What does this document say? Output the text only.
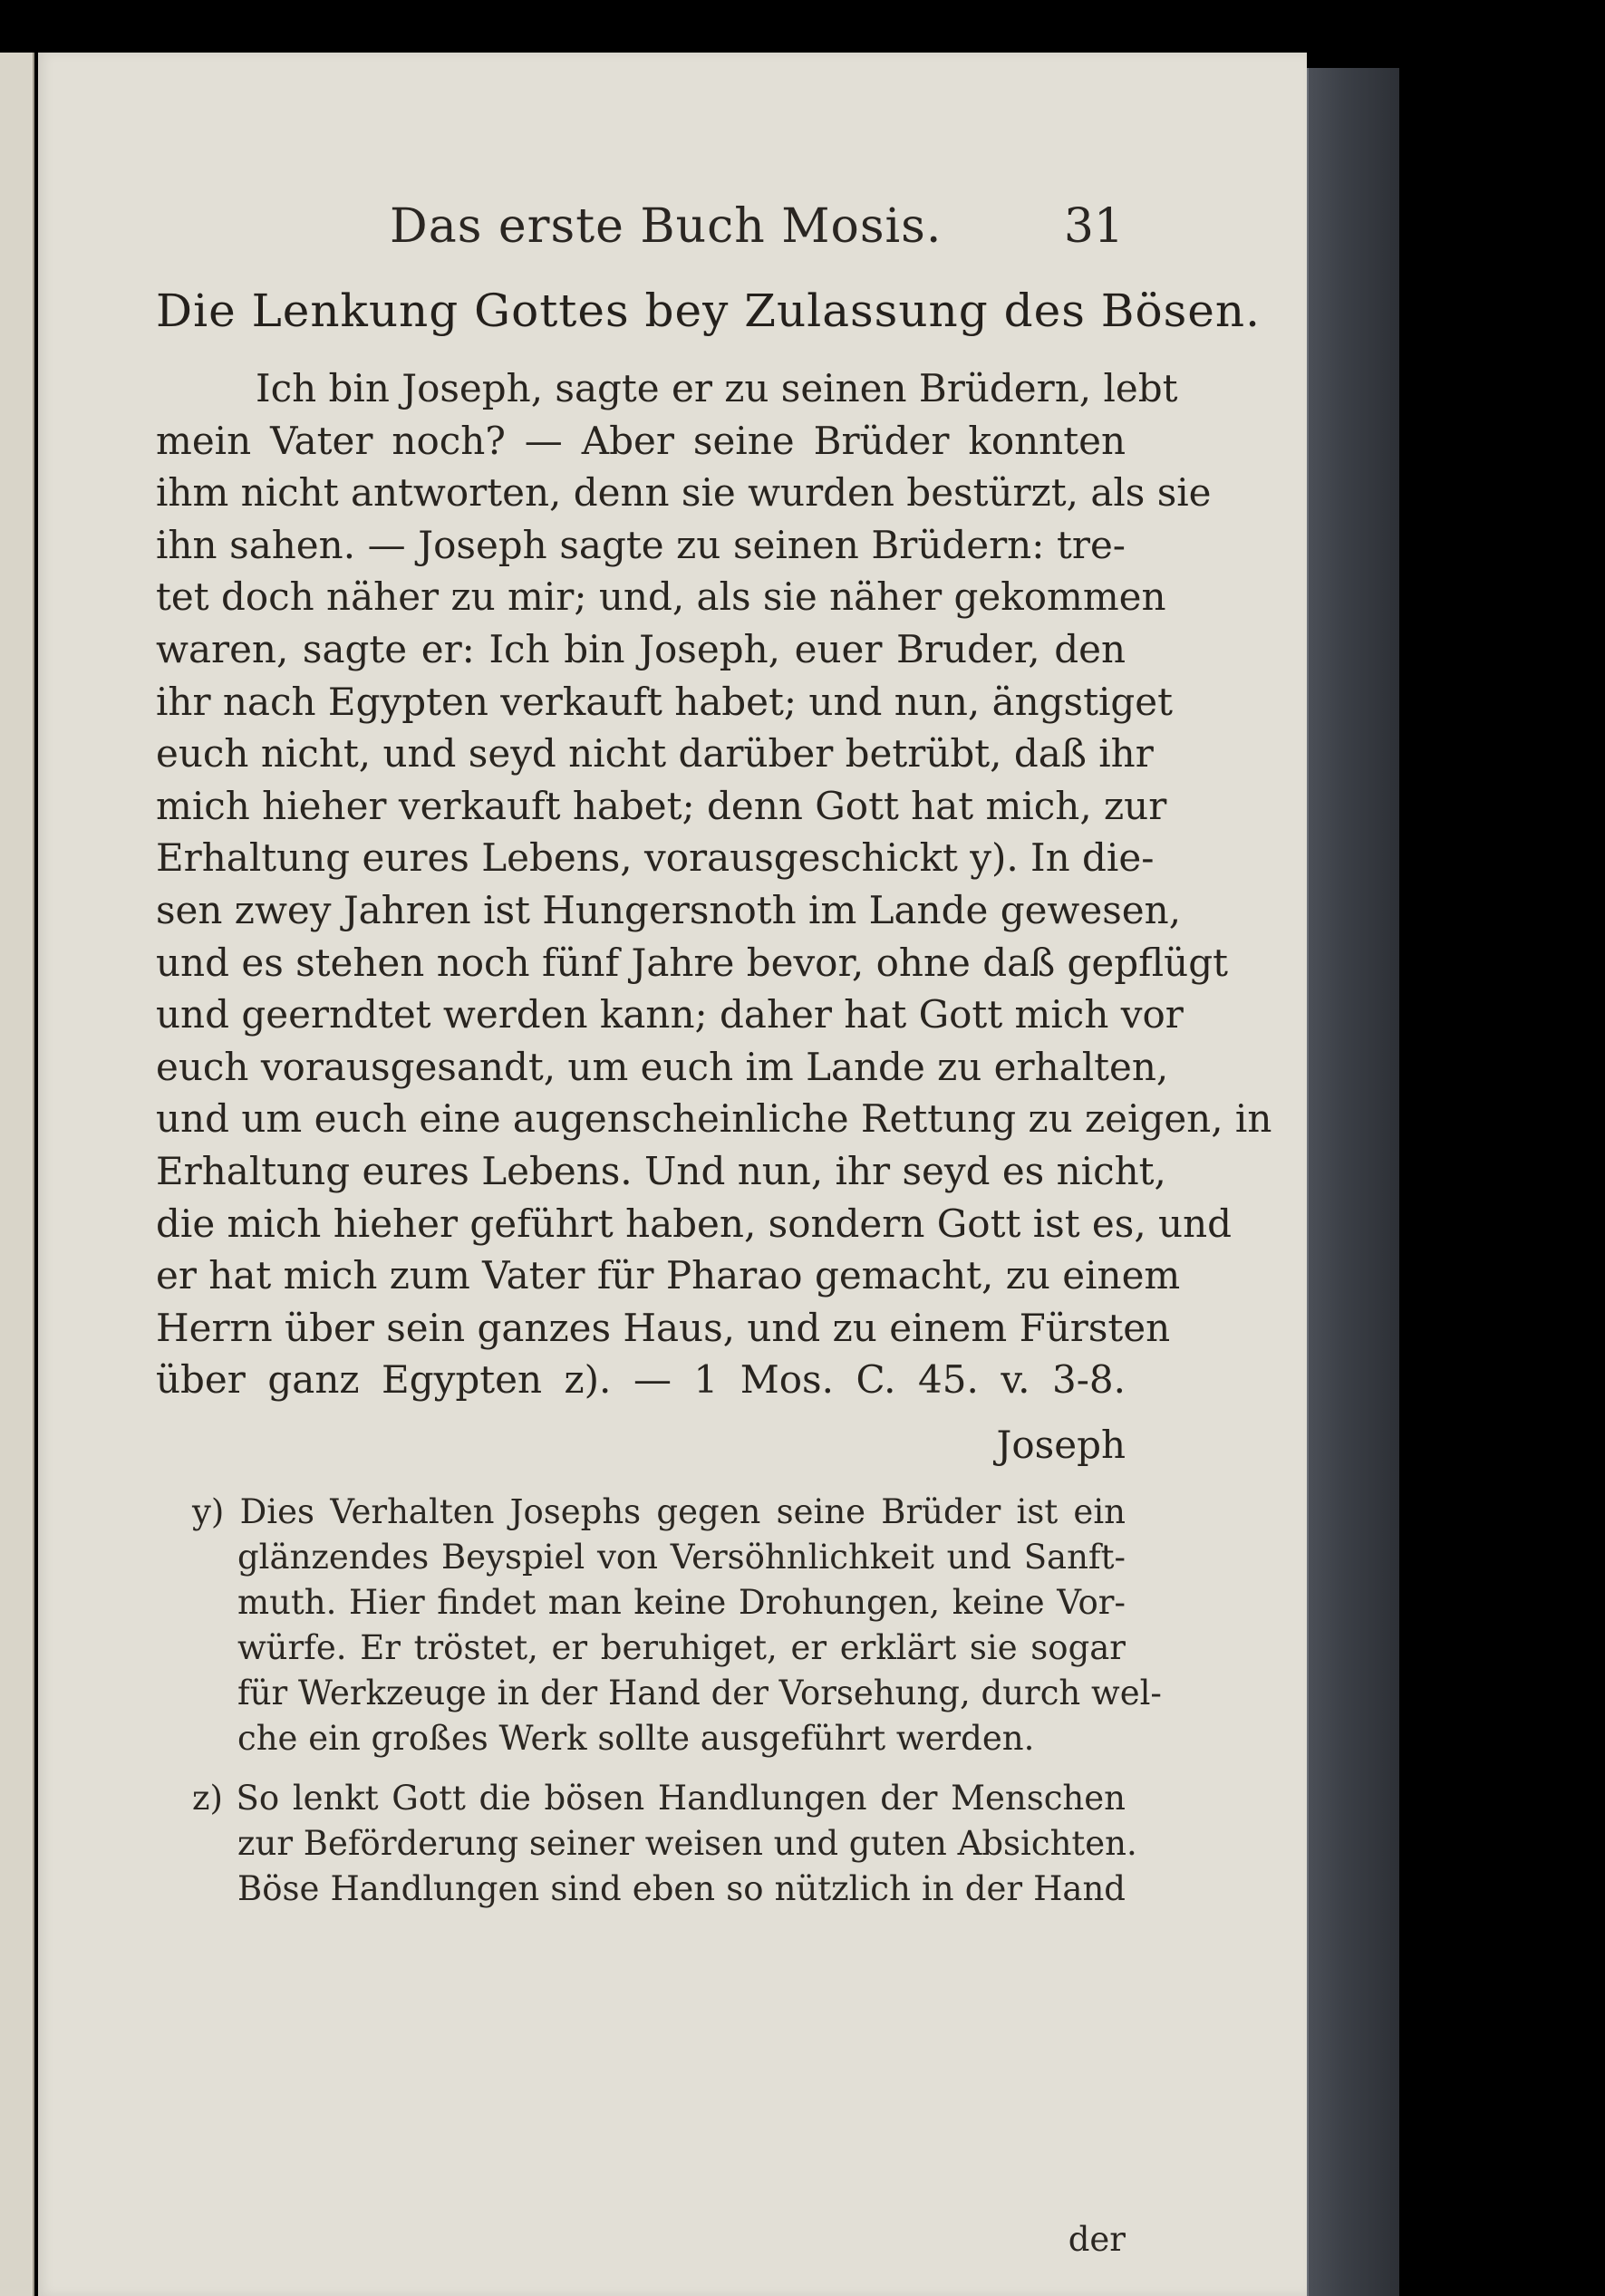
Das erste Buch Mosis.	31
Die Lenkung Gottes bey Zulassung des Bösen.
Ich bin Joseph, sagte er zu seinen Brüdern, lebt
mein Vater noch? — Aber seine Brüder konnten
ihm nicht antworten, denn sie wurden bestürzt, als sie
ihn sahen. — Joseph sagte zu seinen Brüdern: tre-
tet doch näher zu mir; und, als sie näher gekommen
waren, sagte er: Ich bin Joseph, euer Bruder, den
ihr nach Egypten verkauft habet; und nun, ängstiget
euch nicht, und seyd nicht darüber betrübt, daß ihr
mich hieher verkauft habet; denn Gott hat mich, zur
Erhaltung eures Lebens, vorausgeschickt y). In die-
sen zwey Jahren ist Hungersnoth im Lande gewesen,
und es stehen noch fünf Jahre bevor, ohne daß gepflügt
und geerndtet werden kann; daher hat Gott mich vor
euch vorausgesandt, um euch im Lande zu erhalten,
und um euch eine augenscheinliche Rettung zu zeigen, in
Erhaltung eures Lebens. Und nun, ihr seyd es nicht,
die mich hieher geführt haben, sondern Gott ist es, und
er hat mich zum Vater für Pharao gemacht, zu einem
Herrn über sein ganzes Haus, und zu einem Fürsten
über ganz Egypten z). — 1 Mos. C. 45. v. 3-8.
Joseph
y) Dies Verhalten Josephs gegen seine Brüder ist ein
glänzendes Beyspiel von Versöhnlichkeit und Sanft-
muth. Hier findet man keine Drohungen, keine Vor-
würfe. Er tröstet, er beruhiget, er erklärt sie sogar
für Werkzeuge in der Hand der Vorsehung, durch wel-
che ein großes Werk sollte ausgeführt werden.
z) So lenkt Gott die bösen Handlungen der Menschen
zur Beförderung seiner weisen und guten Absichten.
Böse Handlungen sind eben so nützlich in der Hand
der
